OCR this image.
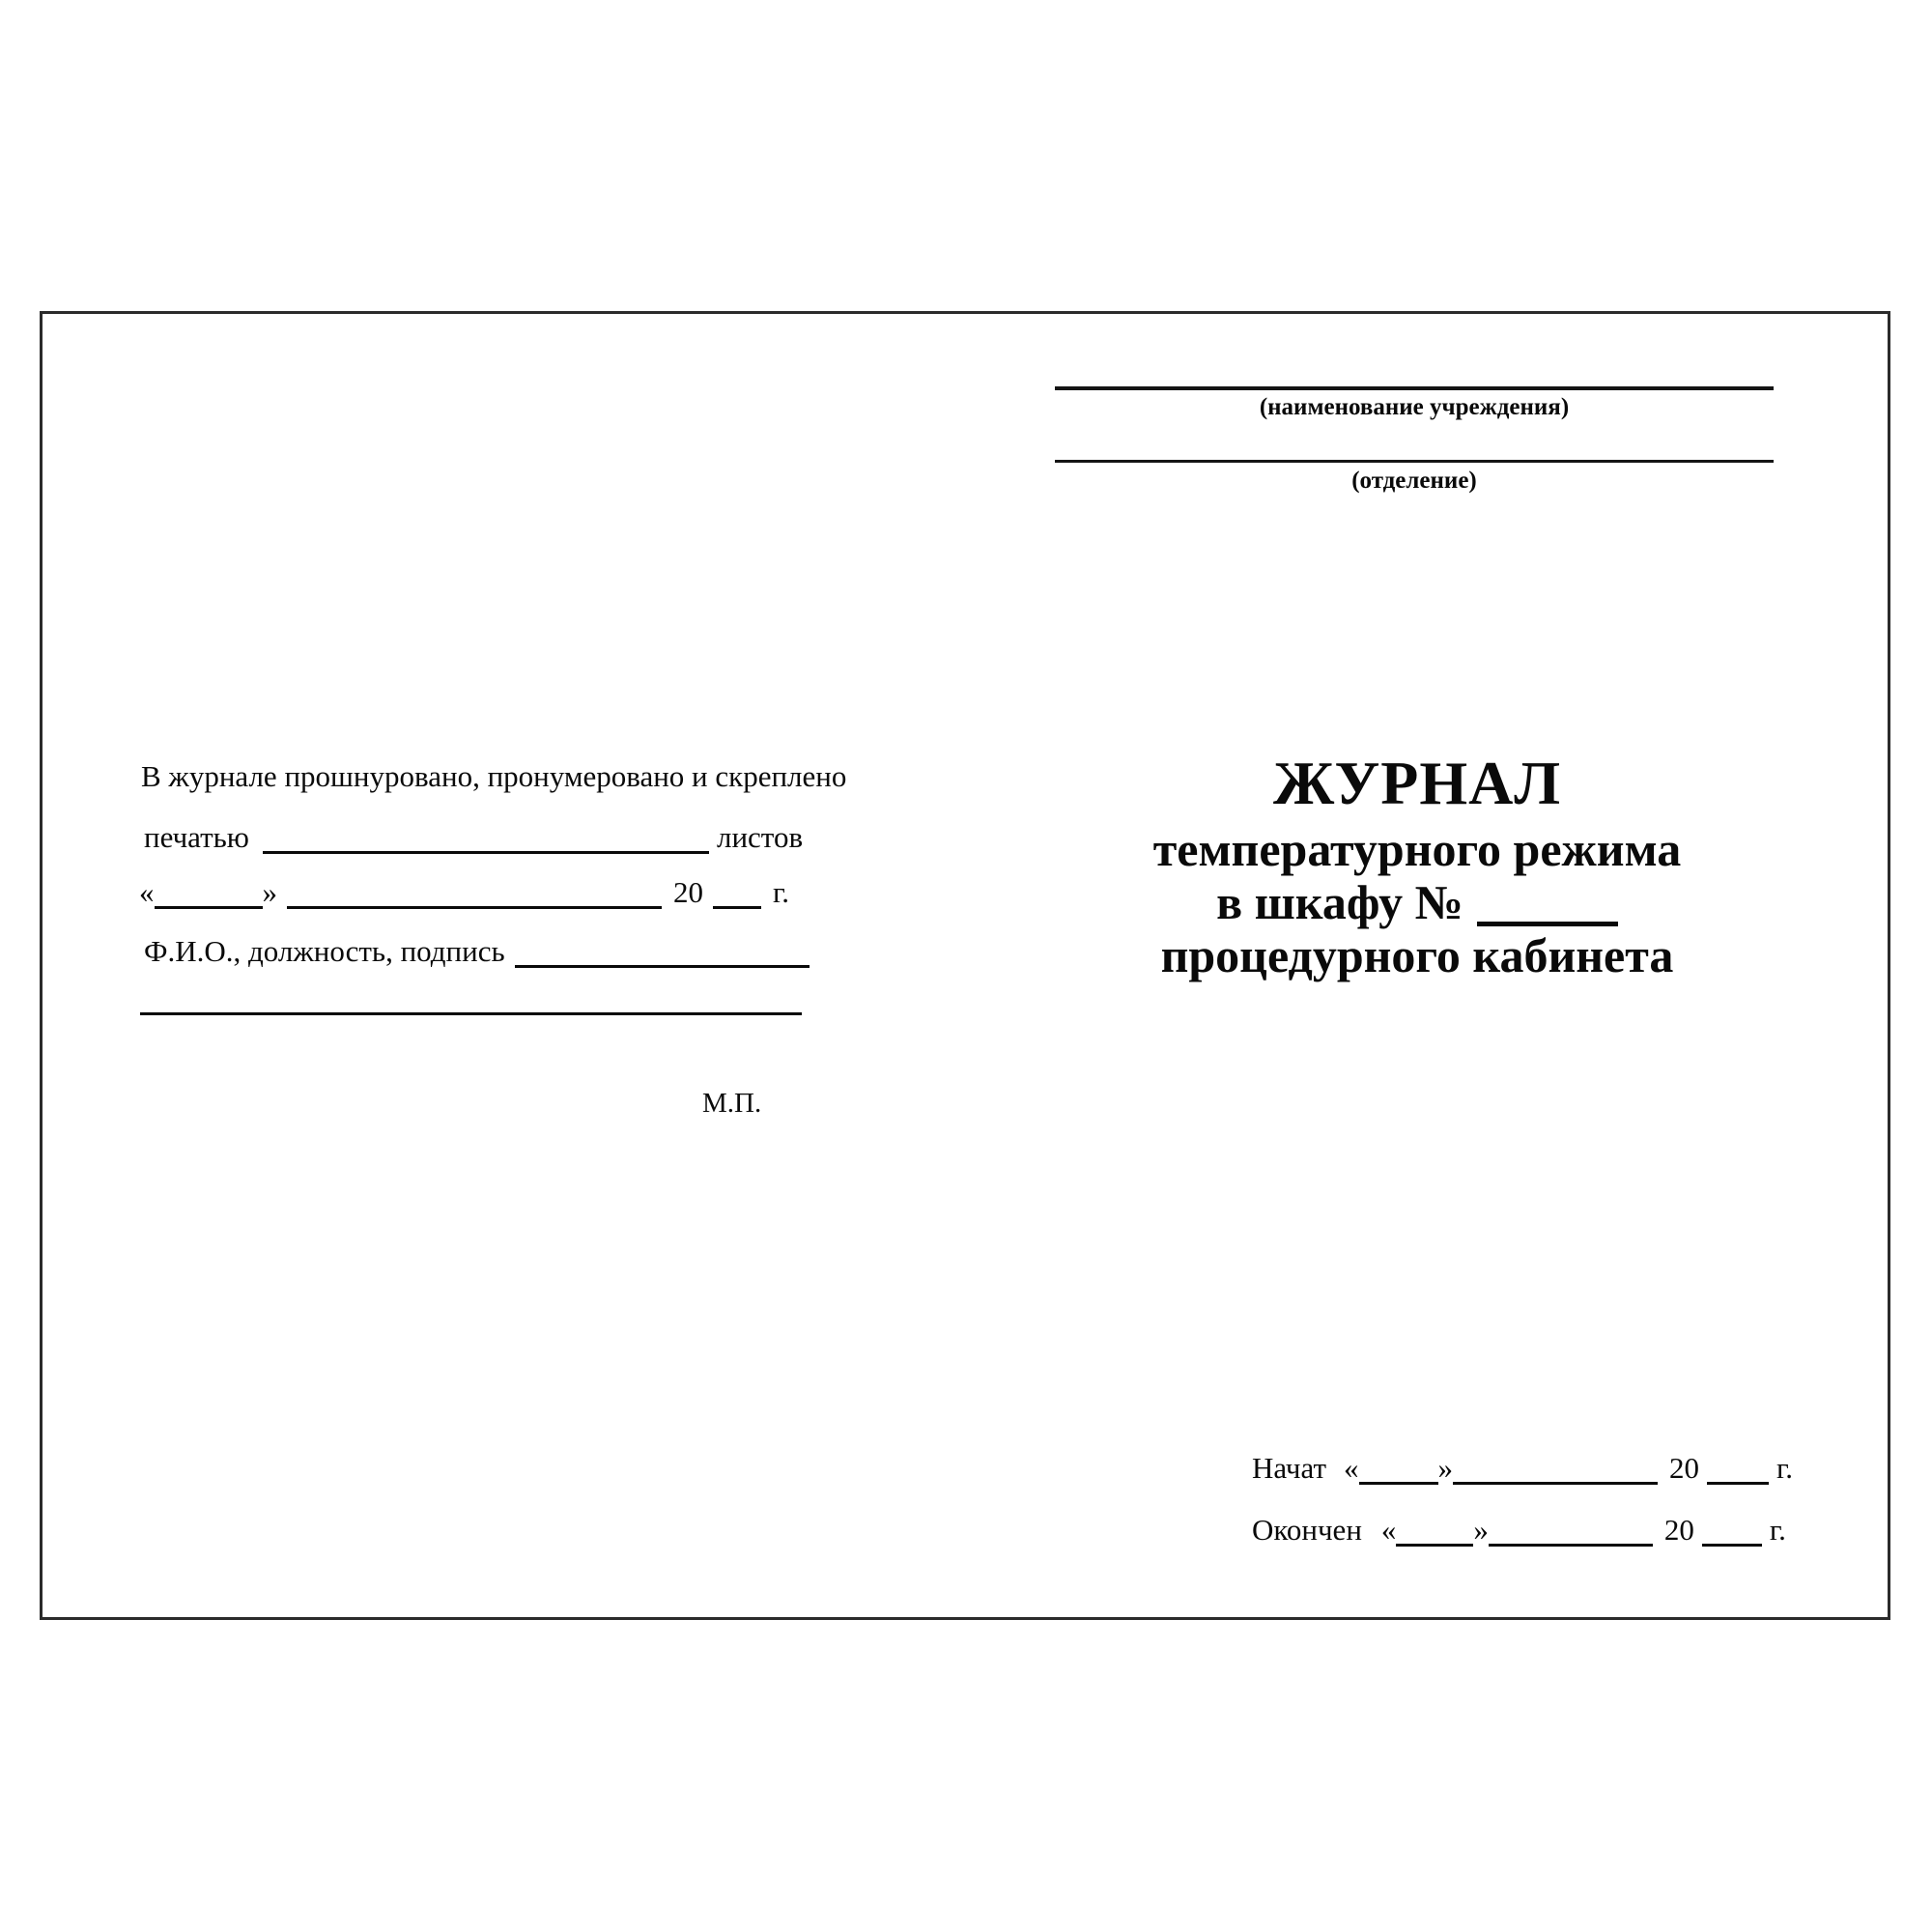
(наименование учреждения)
(отделение)
В журнале прошнуровано, пронумеровано и скреплено
печатью	листов
«	»	20 г.
Ф.И.О., должность, подпись
М.П.
ЖУРНАЛ
температурного режима
в шкафу №
процедурного кабинета
Начат «	»	20	г.
Окончен «	»	20	г.
